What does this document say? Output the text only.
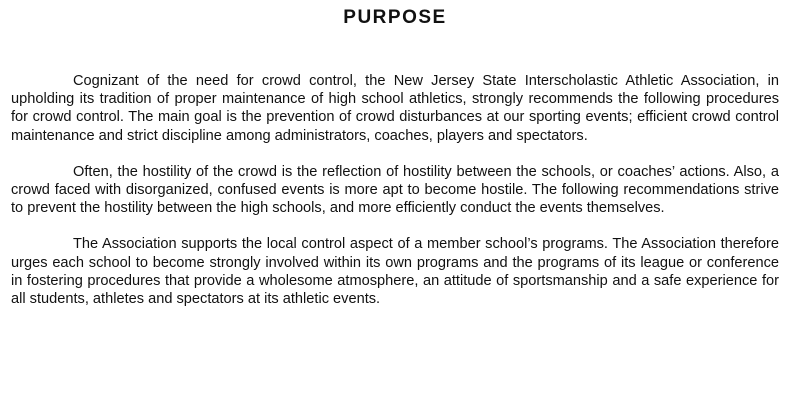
PURPOSE

Cognizant of the need for crowd control, the New Jersey State Interscholastic Athletic Association, in upholding its tradition of proper maintenance of high school athletics, strongly recommends the following procedures for crowd control. The main goal is the prevention of crowd disturbances at our sporting events; efficient crowd control maintenance and strict discipline among administrators, coaches, players and spectators.

Often, the hostility of the crowd is the reflection of hostility between the schools, or coaches’ actions. Also, a crowd faced with disorganized, confused events is more apt to become hostile. The following recommendations strive to prevent the hostility between the high schools, and more efficiently conduct the events themselves.

The Association supports the local control aspect of a member school’s programs. The Association therefore urges each school to become strongly involved within its own programs and the programs of its league or conference in fostering procedures that provide a wholesome atmosphere, an attitude of sportsmanship and a safe experience for all students, athletes and spectators at its athletic events.
